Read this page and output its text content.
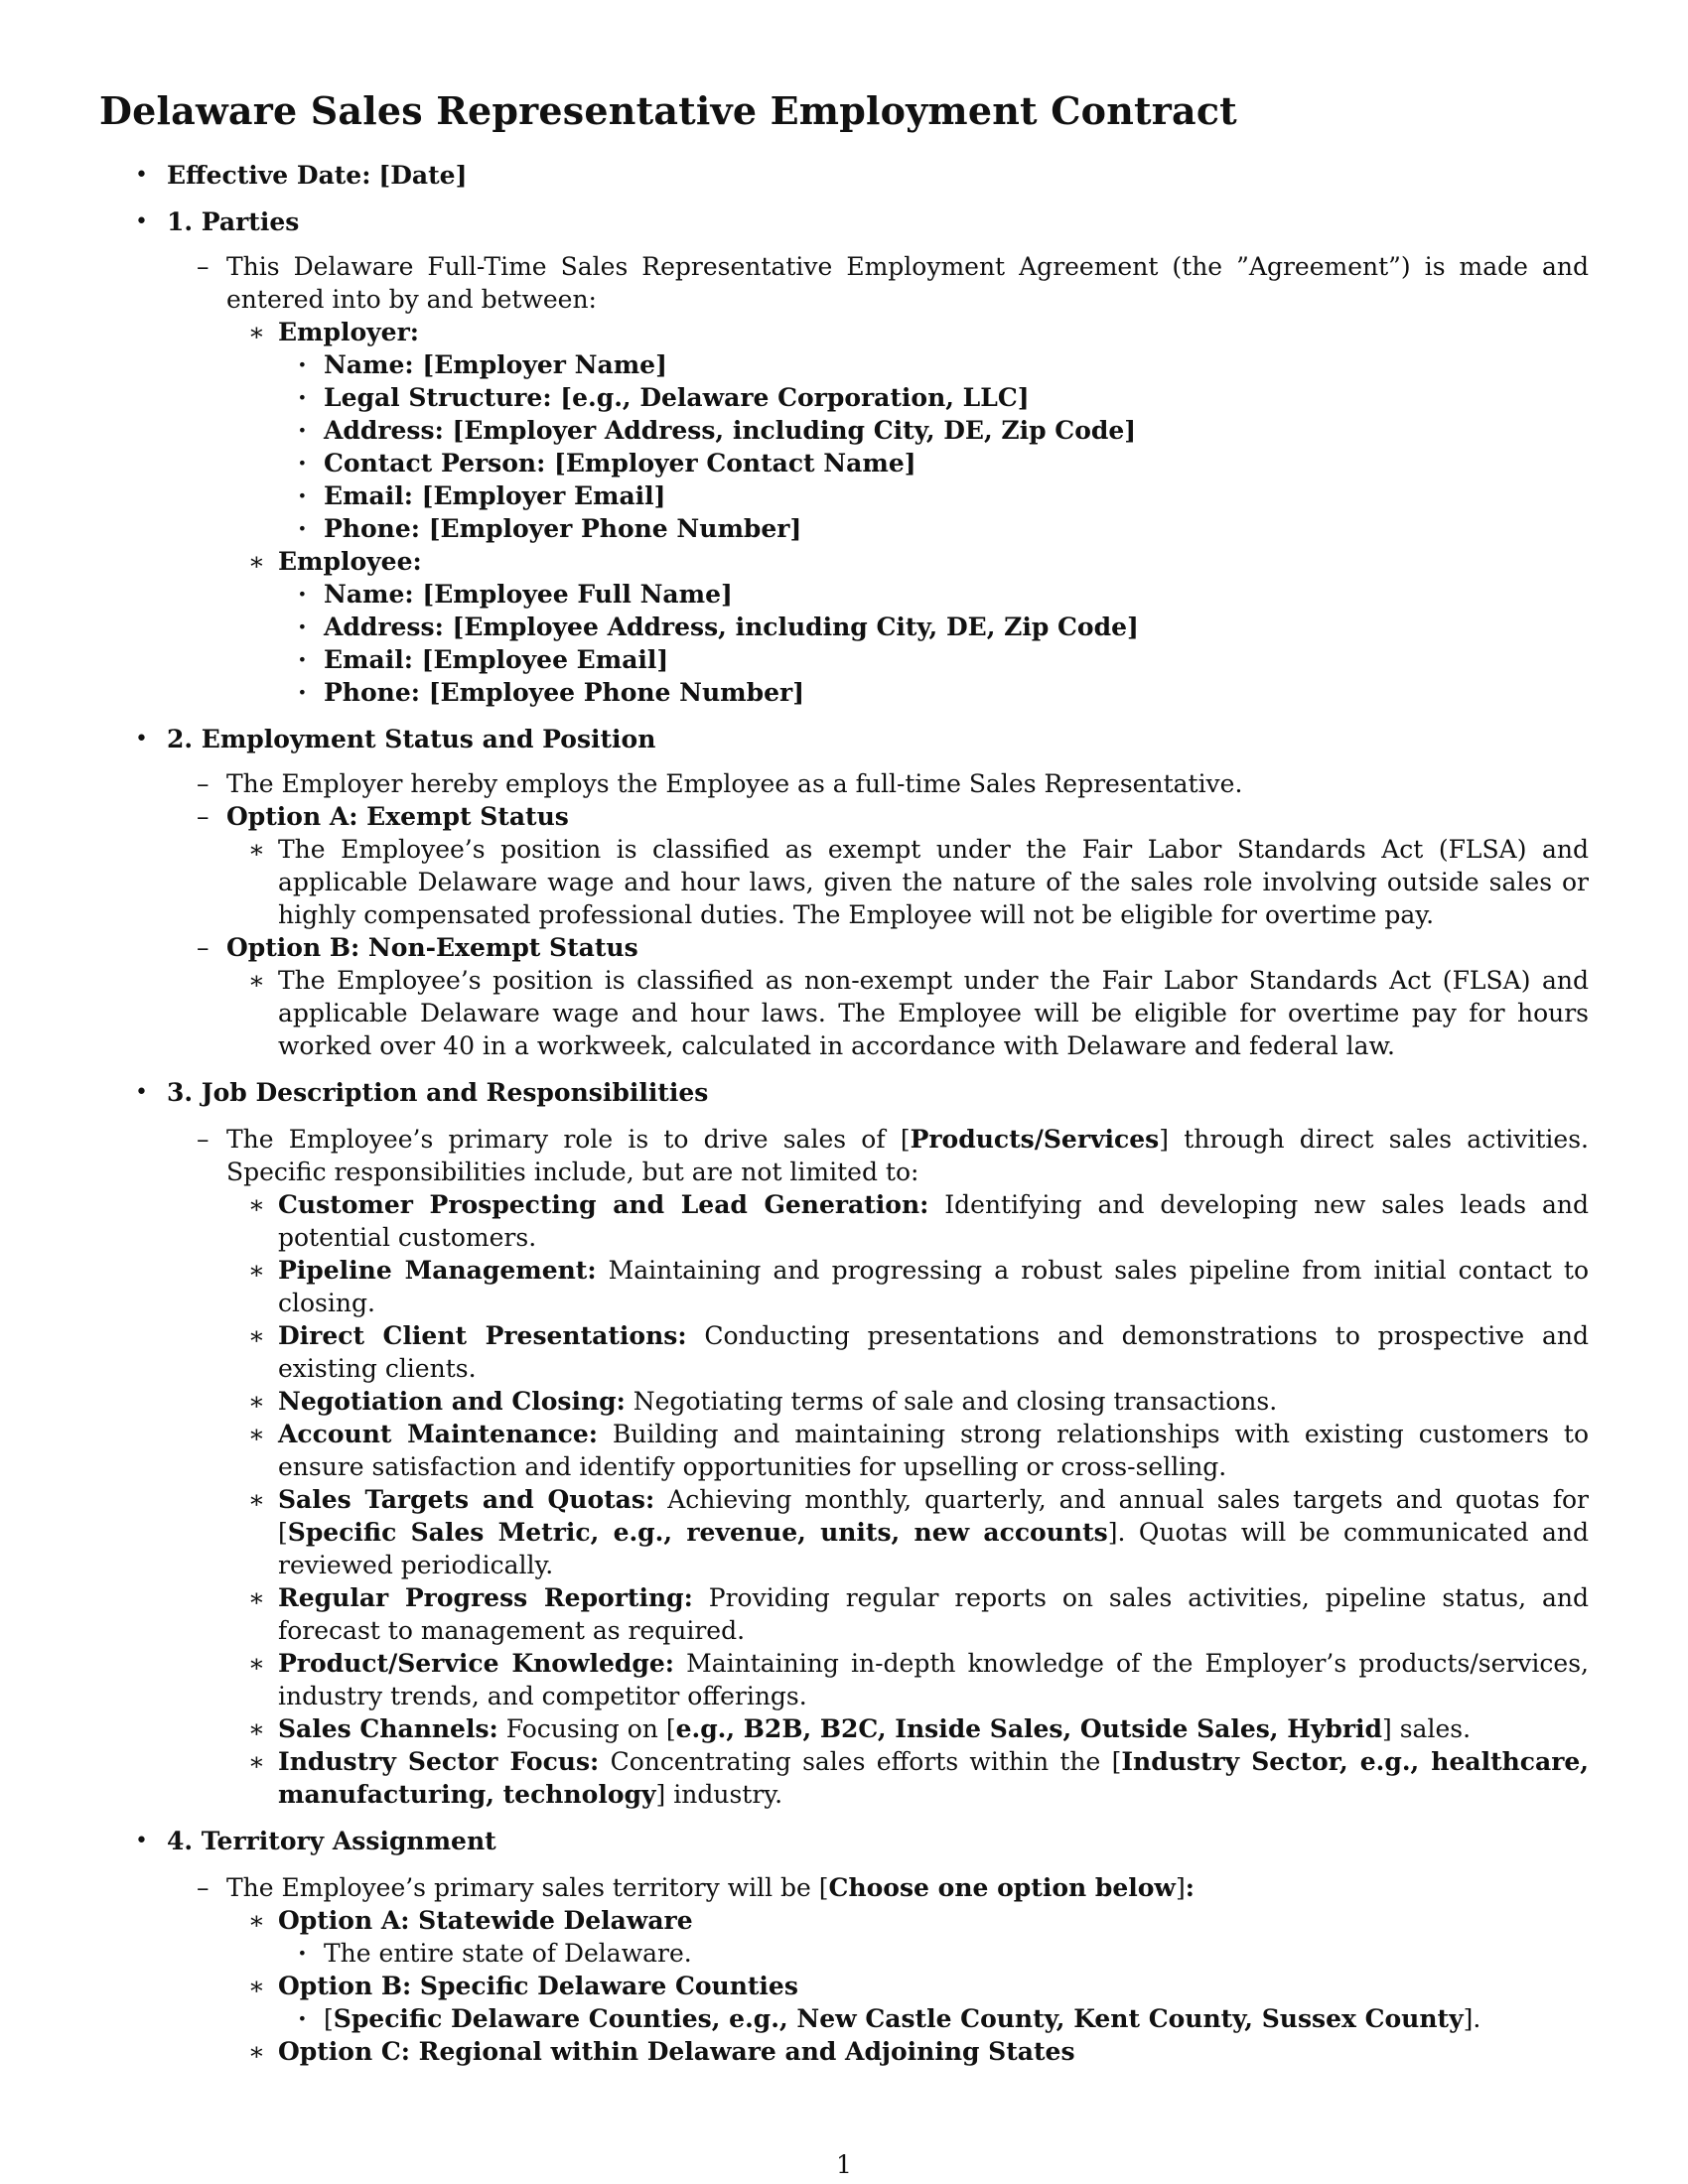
Delaware Sales Representative Employment Contract
• Effective Date: [Date]
• 1. Parties
– This Delaware Full-Time Sales Representative Employment Agreement (the ”Agreement”) is made and entered into by and between:
∗ Employer:
· Name: [Employer Name]
· Legal Structure: [e.g., Delaware Corporation, LLC]
· Address: [Employer Address, including City, DE, Zip Code]
· Contact Person: [Employer Contact Name]
· Email: [Employer Email]
· Phone: [Employer Phone Number]
∗ Employee:
· Name: [Employee Full Name]
· Address: [Employee Address, including City, DE, Zip Code]
· Email: [Employee Email]
· Phone: [Employee Phone Number]
• 2. Employment Status and Position
– The Employer hereby employs the Employee as a full-time Sales Representative.
– Option A: Exempt Status
∗ The Employee’s position is classified as exempt under the Fair Labor Standards Act (FLSA) and applicable Delaware wage and hour laws, given the nature of the sales role involving outside sales or highly compensated professional duties. The Employee will not be eligible for overtime pay.
– Option B: Non-Exempt Status
∗ The Employee’s position is classified as non-exempt under the Fair Labor Standards Act (FLSA) and applicable Delaware wage and hour laws. The Employee will be eligible for overtime pay for hours worked over 40 in a workweek, calculated in accordance with Delaware and federal law.
• 3. Job Description and Responsibilities
– The Employee’s primary role is to drive sales of [Products/Services] through direct sales activities. Specific responsibilities include, but are not limited to:
∗ Customer Prospecting and Lead Generation: Identifying and developing new sales leads and potential customers.
∗ Pipeline Management: Maintaining and progressing a robust sales pipeline from initial contact to closing.
∗ Direct Client Presentations: Conducting presentations and demonstrations to prospective and existing clients.
∗ Negotiation and Closing: Negotiating terms of sale and closing transactions.
∗ Account Maintenance: Building and maintaining strong relationships with existing customers to ensure satisfaction and identify opportunities for upselling or cross-selling.
∗ Sales Targets and Quotas: Achieving monthly, quarterly, and annual sales targets and quotas for [Specific Sales Metric, e.g., revenue, units, new accounts]. Quotas will be communicated and reviewed periodically.
∗ Regular Progress Reporting: Providing regular reports on sales activities, pipeline status, and forecast to management as required.
∗ Product/Service Knowledge: Maintaining in-depth knowledge of the Employer’s products/services, industry trends, and competitor offerings.
∗ Sales Channels: Focusing on [e.g., B2B, B2C, Inside Sales, Outside Sales, Hybrid] sales.
∗ Industry Sector Focus: Concentrating sales efforts within the [Industry Sector, e.g., healthcare, manufacturing, technology] industry.
• 4. Territory Assignment
– The Employee’s primary sales territory will be [Choose one option below]:
∗ Option A: Statewide Delaware
· The entire state of Delaware.
∗ Option B: Specific Delaware Counties
· [Specific Delaware Counties, e.g., New Castle County, Kent County, Sussex County].
∗ Option C: Regional within Delaware and Adjoining States
1
